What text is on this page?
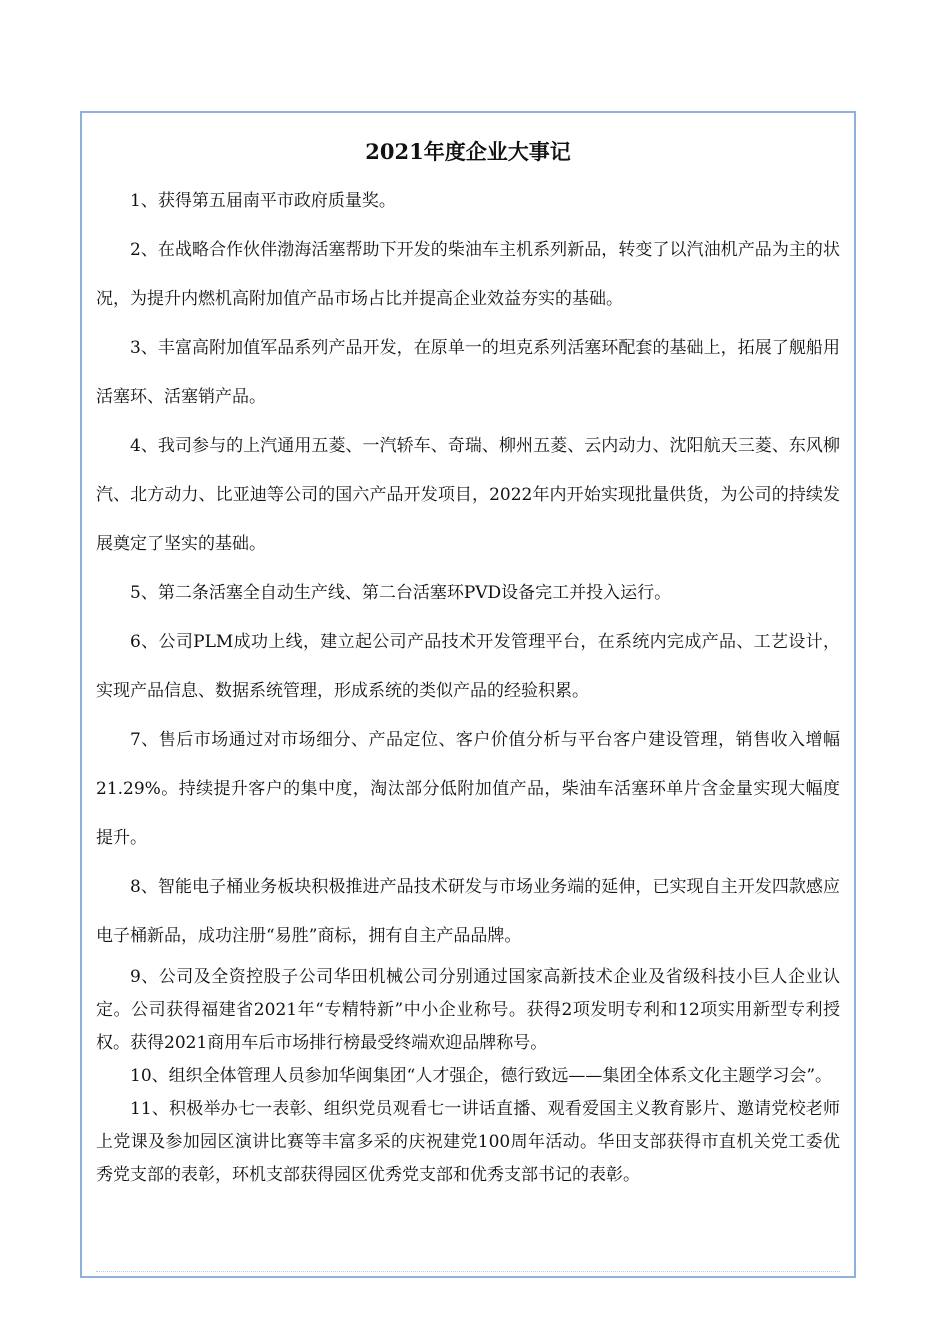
2021年度企业大事记

1、获得第五届南平市政府质量奖。

2、在战略合作伙伴渤海活塞帮助下开发的柴油车主机系列新品，转变了以汽油机产品为主的状况，为提升内燃机高附加值产品市场占比并提高企业效益夯实的基础。

3、丰富高附加值军品系列产品开发，在原单一的坦克系列活塞环配套的基础上，拓展了舰船用活塞环、活塞销产品。

4、我司参与的上汽通用五菱、一汽轿车、奇瑞、柳州五菱、云内动力、沈阳航天三菱、东风柳汽、北方动力、比亚迪等公司的国六产品开发项目，2022年内开始实现批量供货，为公司的持续发展奠定了坚实的基础。

5、第二条活塞全自动生产线、第二台活塞环PVD设备完工并投入运行。

6、公司PLM成功上线，建立起公司产品技术开发管理平台，在系统内完成产品、工艺设计，实现产品信息、数据系统管理，形成系统的类似产品的经验积累。

7、售后市场通过对市场细分、产品定位、客户价值分析与平台客户建设管理，销售收入增幅21.29%。持续提升客户的集中度，淘汰部分低附加值产品，柴油车活塞环单片含金量实现大幅度提升。

8、智能电子桶业务板块积极推进产品技术研发与市场业务端的延伸，已实现自主开发四款感应电子桶新品，成功注册“易胜”商标，拥有自主产品品牌。

9、公司及全资控股子公司华田机械公司分别通过国家高新技术企业及省级科技小巨人企业认定。公司获得福建省2021年“专精特新”中小企业称号。获得2项发明专利和12项实用新型专利授权。获得2021商用车后市场排行榜最受终端欢迎品牌称号。

10、组织全体管理人员参加华闽集团“人才强企，德行致远——集团全体系文化主题学习会”。

11、积极举办七一表彰、组织党员观看七一讲话直播、观看爱国主义教育影片、邀请党校老师上党课及参加园区演讲比赛等丰富多采的庆祝建党100周年活动。华田支部获得市直机关党工委优秀党支部的表彰，环机支部获得园区优秀党支部和优秀支部书记的表彰。
